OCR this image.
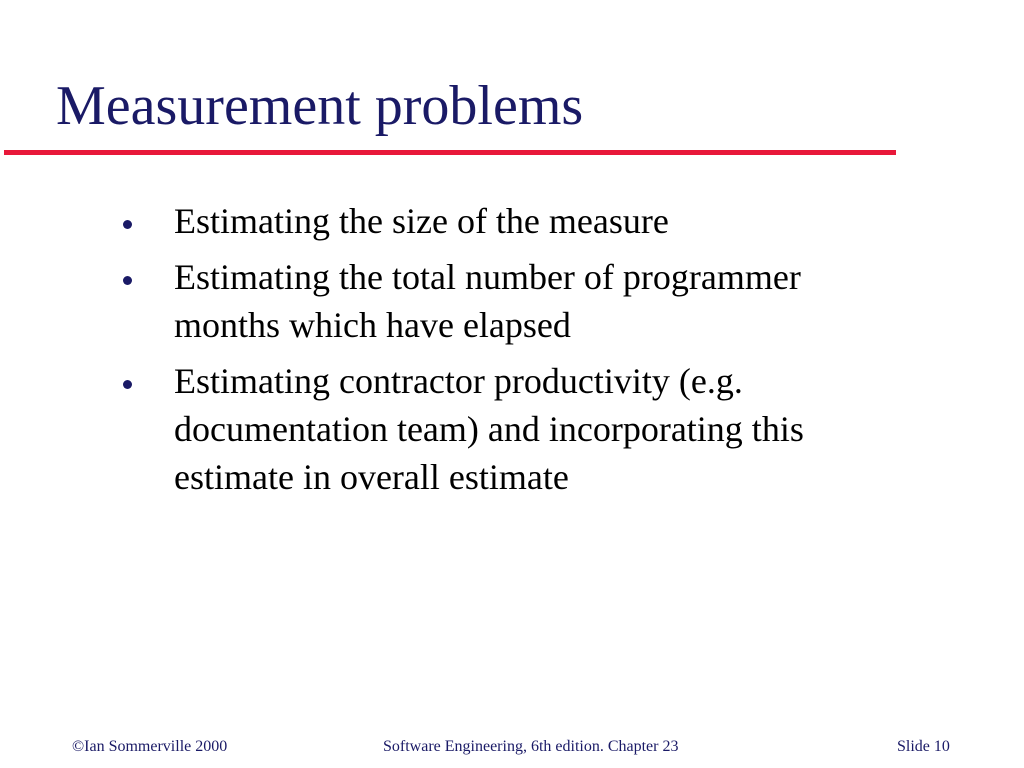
Measurement problems
Estimating the size of the measure
Estimating the total number of programmer months which have elapsed
Estimating contractor productivity (e.g. documentation team) and incorporating this estimate in overall estimate
©Ian Sommerville 2000	Software Engineering, 6th edition. Chapter 23	Slide 10
